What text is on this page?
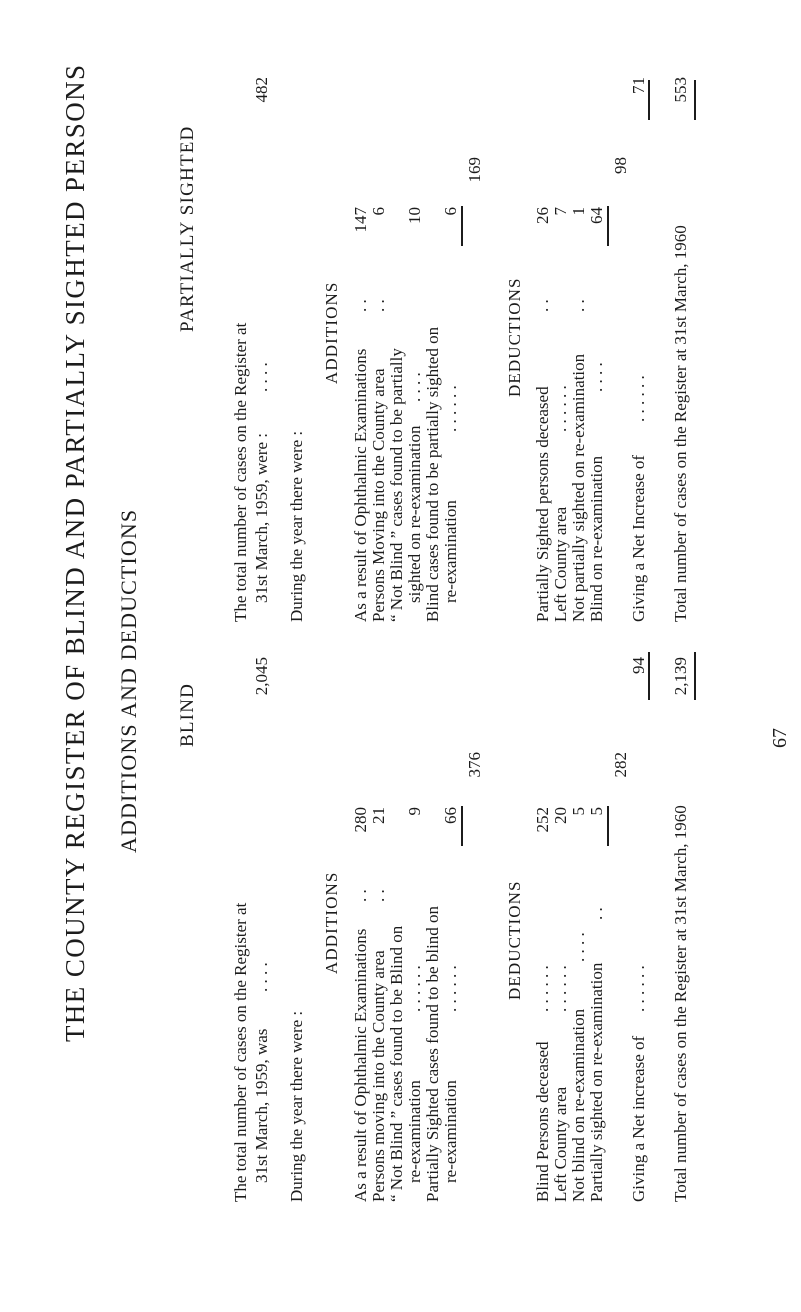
THE COUNTY REGISTER OF BLIND AND PARTIALLY SIGHTED PERSONS ADDITIONS AND DEDUCTIONS BLIND
The total number of cases on the Register at 31st March, 1959, was
. . . .
2,045
During the year there were :
ADDITIONS
As a result of Ophthalmic Examinations
. .
280
Persons moving into the County area
. .
21
“ Not Blind ” cases found to be Blind on re-examination
. . . . . .
9
Partially Sighted cases found to be blind on re-examination
. . . . . .
66
376
DEDUCTIONS
Blind Persons deceased
. . . . . .
252
Left County area
. . . . . .
20
Not blind on re-examination
. . . .
5
Partially sighted on re-examination
. .
5
282
Giving a Net increase of
. . . . . .
94
Total number of cases on the Register at 31st March, 1960
2,139
67
PARTIALLY SIGHTED
The total number of cases on the Register at 31st March, 1959, were :
. . . .
482
During the year there were :
ADDITIONS
As a result of Ophthalmic Examinations
. .
147
Persons Moving into the County area
. .
6
“ Not Blind ” cases found to be partially sighted on re-examination
. . . .
10
Blind cases found to be partially sighted on re-examination
. . . . . .
6
169
DEDUCTIONS
Partially Sighted persons deceased
. .
26
Left County area
. . . . . .
7
Not partially sighted on re-examination
. .
1
Blind on re-examination
. . . .
64
98
Giving a Net Increase of
. . . . . .
71
Total number of cases on the Register at 31st March, 1960
553
